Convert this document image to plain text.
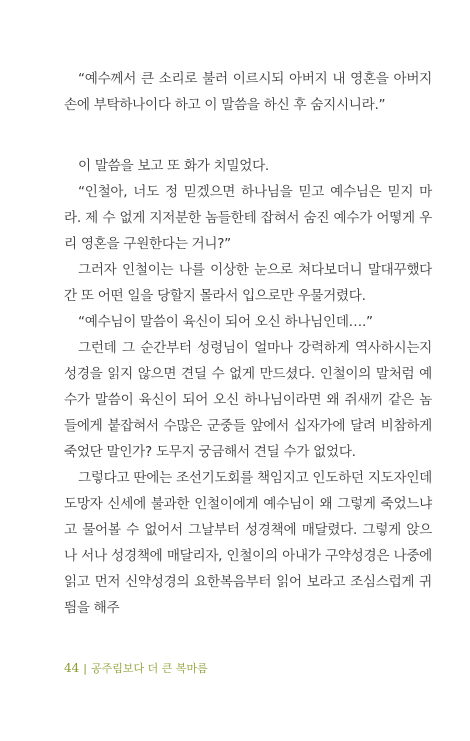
“예수께서 큰 소리로 불러 이르시되 아버지 내 영혼을 아버지 손에 부탁하나이다 하고 이 말씀을 하신 후 숨지시니라.”

이 말씀을 보고 또 화가 치밀었다.

“인철아, 너도 정 믿겠으면 하나님을 믿고 예수님은 믿지 마라. 제 수 없게 지저분한 놈들한테 잡혀서 숨진 예수가 어떻게 우리 영혼을 구원한다는 거니?”

그러자 인철이는 나를 이상한 눈으로 쳐다보더니 말대꾸했다간 또 어떤 일을 당할지 몰라서 입으로만 우물거렸다.

“예수님이 말씀이 육신이 되어 오신 하나님인데….”

그런데 그 순간부터 성령님이 얼마나 강력하게 역사하시는지 성경을 읽지 않으면 견딜 수 없게 만드셨다. 인철이의 말처럼 예수가 말씀이 육신이 되어 오신 하나님이라면 왜 쥐새끼 같은 놈들에게 붙잡혀서 수많은 군중들 앞에서 십자가에 달려 비참하게 죽었단 말인가? 도무지 궁금해서 견딜 수가 없었다.

그렇다고 딴에는 조선기도회를 책임지고 인도하던 지도자인데 도망자 신세에 불과한 인철이에게 예수님이 왜 그렇게 죽었느냐고 물어볼 수 없어서 그날부터 성경책에 매달렸다. 그렇게 앉으나 서나 성경책에 매달리자, 인철이의 아내가 구약성경은 나중에 읽고 먼저 신약성경의 요한복음부터 읽어 보라고 조심스럽게 귀띔을 해주

44 | 공주림보다 더 큰 복마름
